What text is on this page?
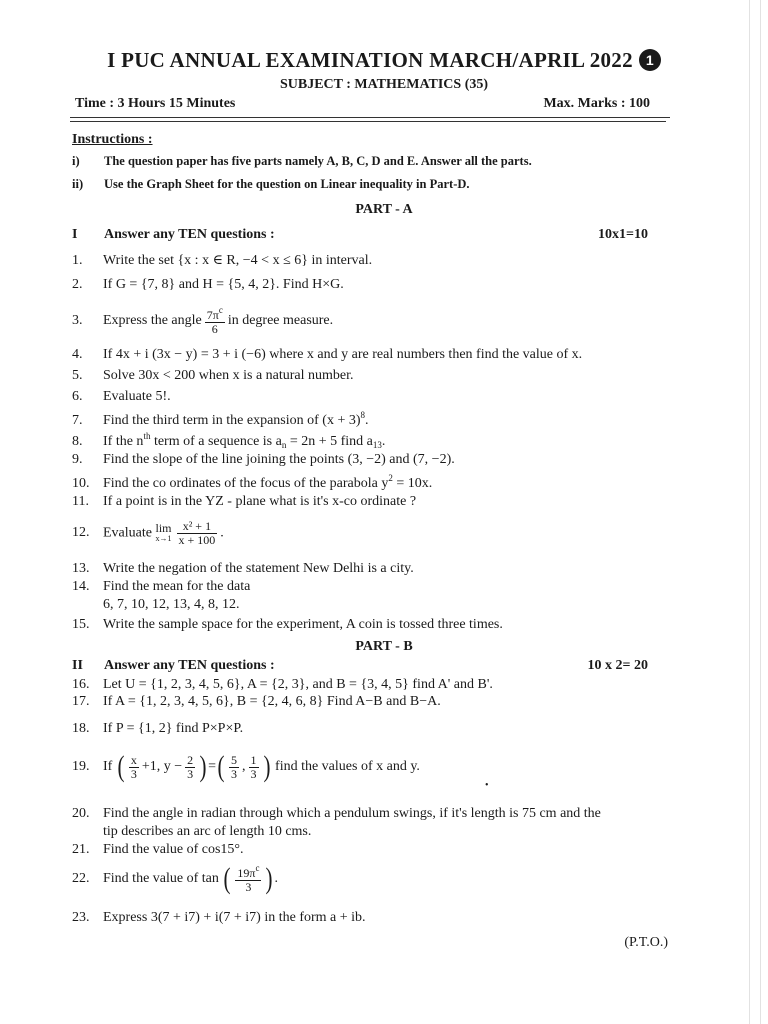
I PUC ANNUAL EXAMINATION MARCH/APRIL 2022 1
SUBJECT : MATHEMATICS (35)
Time : 3 Hours 15 Minutes	Max. Marks : 100
Instructions :
i) The question paper has five parts namely A, B, C, D and E. Answer all the parts.
ii) Use the Graph Sheet for the question on Linear inequality in Part-D.
PART - A
I Answer any TEN questions :	10x1=10
1. Write the set {x : x ∈ R, −4 < x ≤ 6} in interval.
2. If G = {7, 8} and H = {5, 4, 2}. Find H×G.
3. Express the angle $\frac{7\pi^c}{6}$ in degree measure.
4. If 4x + i (3x − y) = 3 + i (−6) where x and y are real numbers then find the value of x.
5. Solve 30x < 200 when x is a natural number.
6. Evaluate 5!.
7. Find the third term in the expansion of $(x + 3)^8$.
8. If the $n^{th}$ term of a sequence is $a_n = 2n + 5$ find $a_{13}$.
9. Find the slope of the line joining the points (3, −2) and (7, −2).
10. Find the co ordinates of the focus of the parabola $y^2 = 10x$.
11. If a point is in the YZ - plane what is it's x-co ordinate ?
12. Evaluate lim
$x\to 1 \frac{\text{x² + 1}}{x + 100}$ .
13. Write the negation of the statement New Delhi is a city.
14. Find the mean for the data
6, 7, 10, 12, 13, 4, 8, 12.
15. Write the sample space for the experiment, A coin is tossed three times.
PART - B
II Answer any TEN questions :	10 x 2= 20
16. Let U = {1, 2, 3, 4, 5, 6}, A = {2, 3}, and B = {3, 4, 5} find A' and B'.
17. If A = {1, 2, 3, 4, 5, 6}, B = {2, 4, 6, 8} Find A−B and B−A.
18. If P = {1, 2} find P×P×P.
19. If ( $\frac{x}{3} +1$, $y - \frac{2}{3}$ ) =( $\frac{5}{3}$ , $\frac{1}{3}$ ) find the values of x and y.
•
20. Find the angle in radian through which a pendulum swings, if it's length is 75 cm and the
tip describes an arc of length 10 cms.
21. Find the value of cos15°.
22. Find the value of tan ( $\frac{19\pi^c}{3}$ ) .
23. Express 3(7 + i7) + i(7 + i7) in the form a + ib.
(P.T.O.)
